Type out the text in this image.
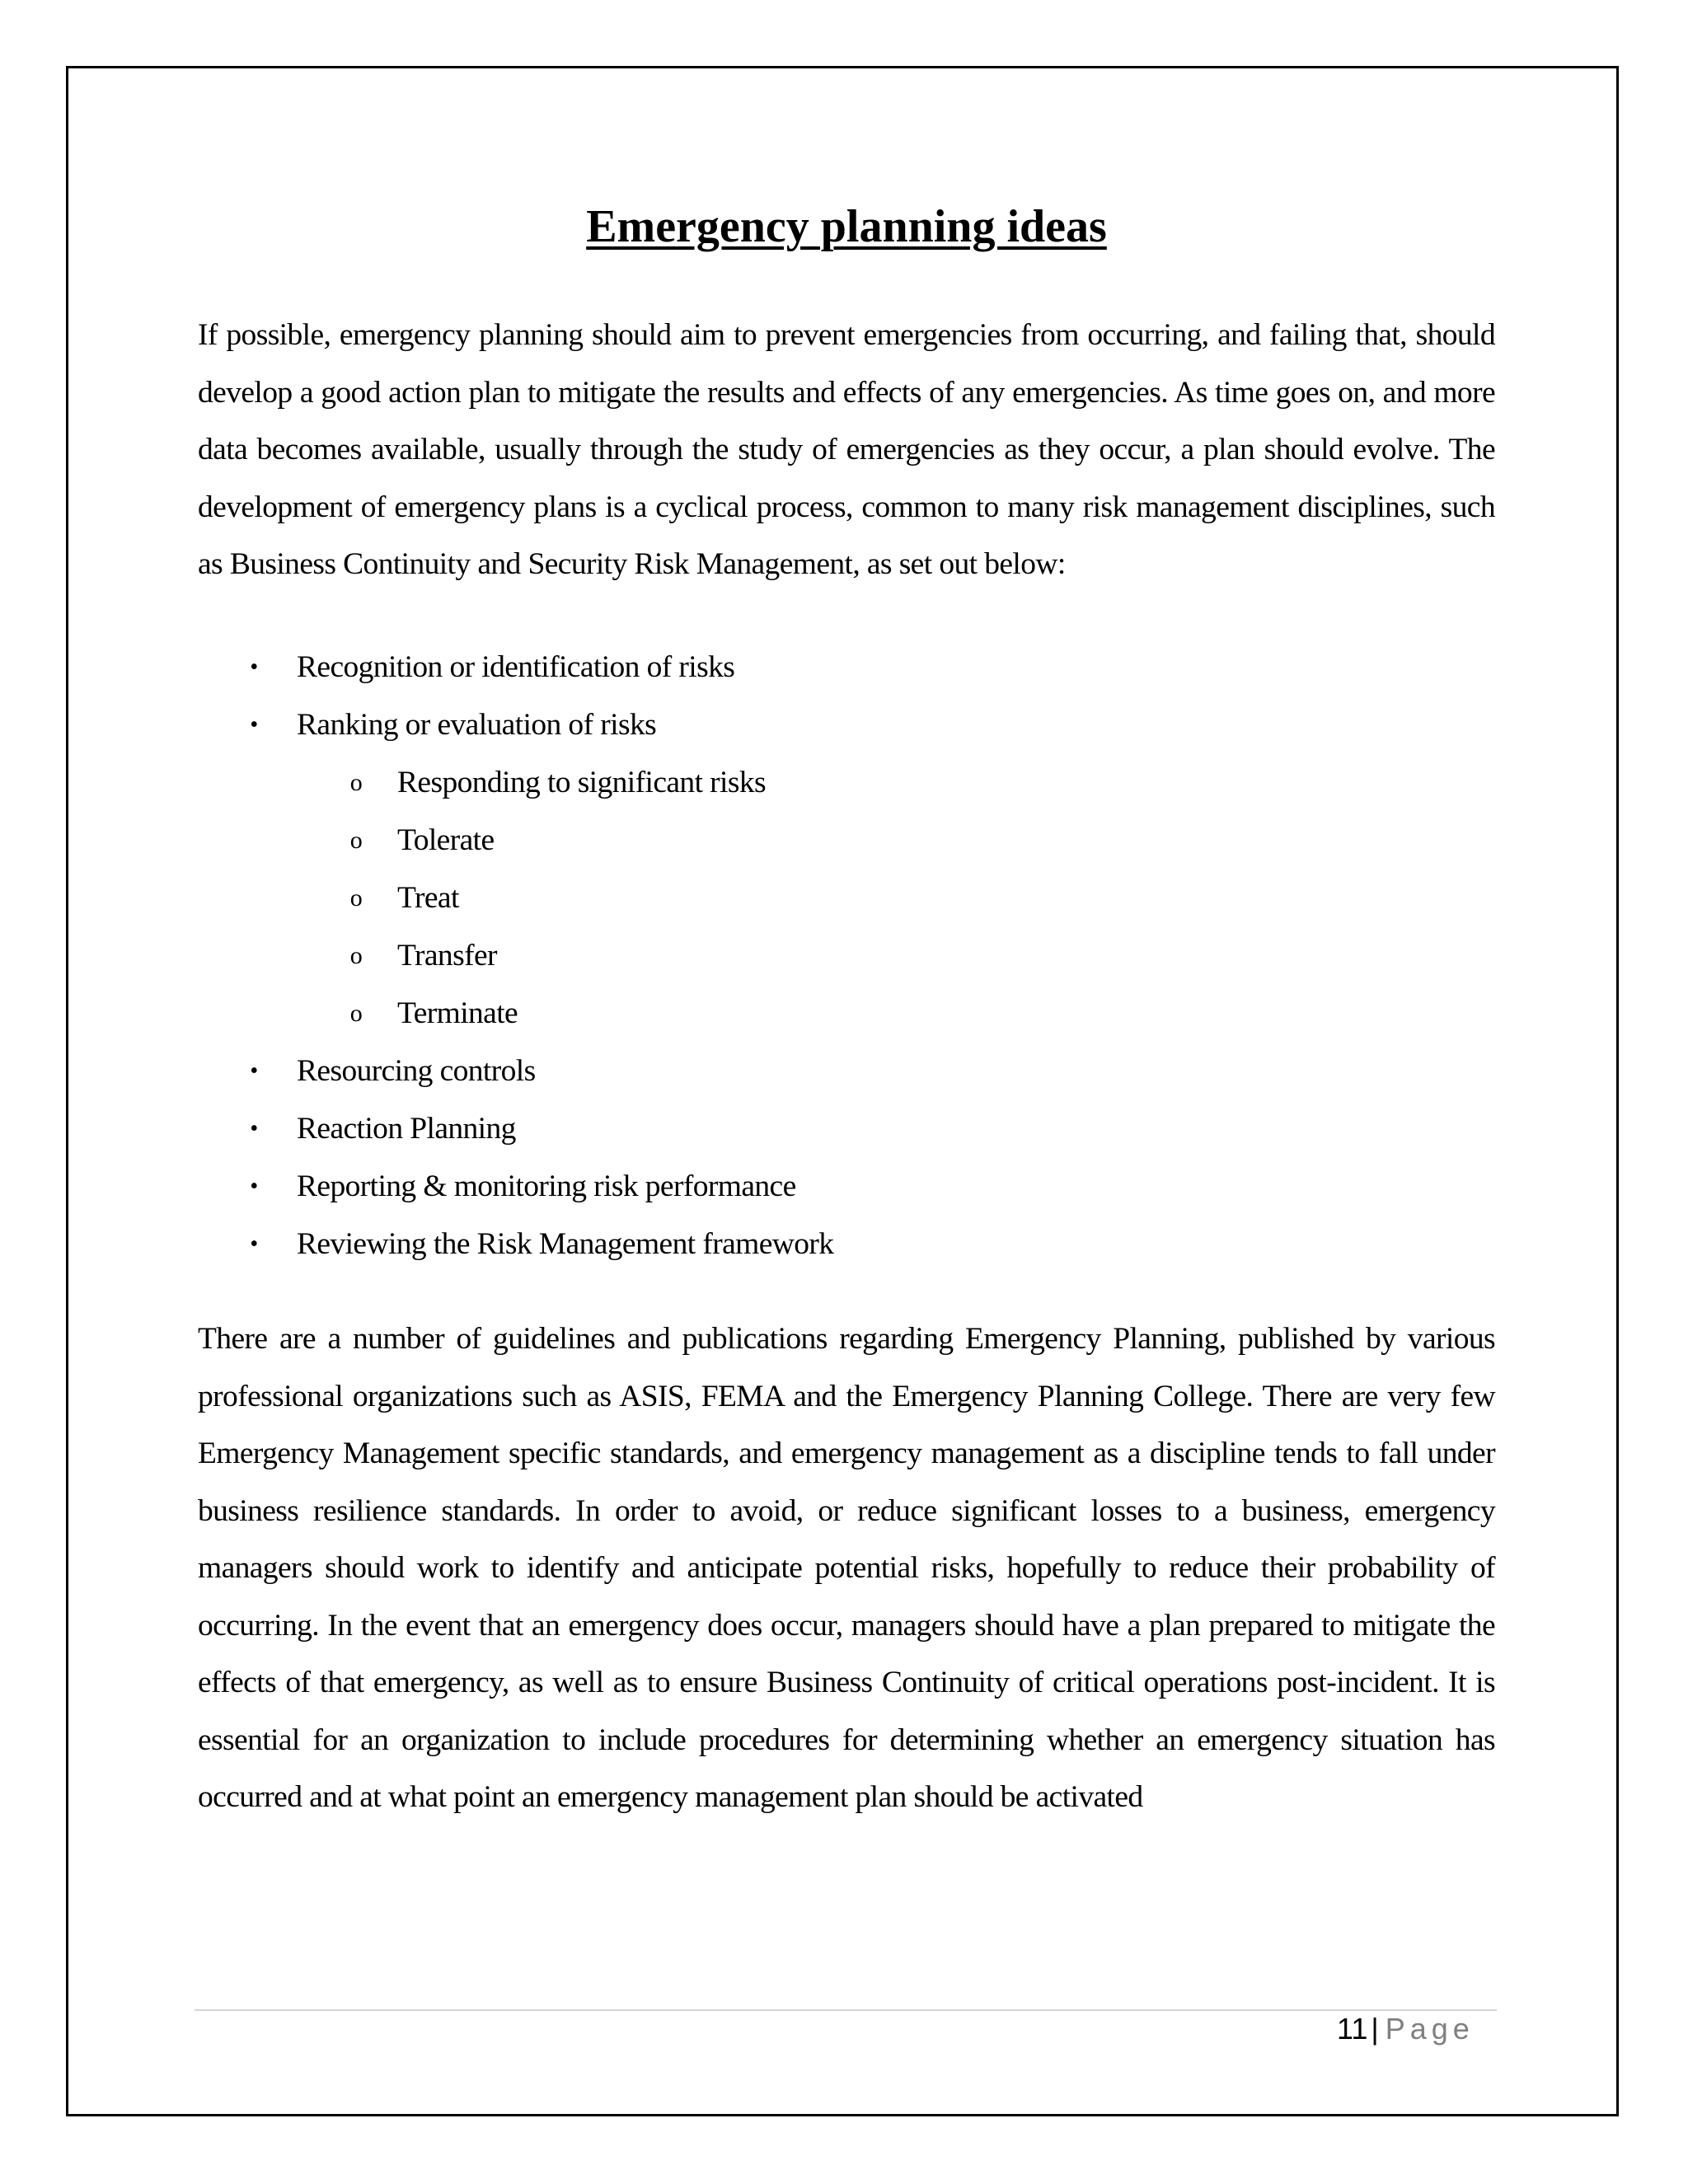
Emergency planning ideas

If possible, emergency planning should aim to prevent emergencies from occurring, and failing that, should develop a good action plan to mitigate the results and effects of any emergencies. As time goes on, and more data becomes available, usually through the study of emergencies as they occur, a plan should evolve. The development of emergency plans is a cyclical process, common to many risk management disciplines, such as Business Continuity and Security Risk Management, as set out below:

•	Recognition or identification of risks
•	Ranking or evaluation of risks
o	Responding to significant risks
o	Tolerate
o	Treat
o	Transfer
o	Terminate
•	Resourcing controls
•	Reaction Planning
•	Reporting & monitoring risk performance
•	Reviewing the Risk Management framework

There are a number of guidelines and publications regarding Emergency Planning, published by various professional organizations such as ASIS, FEMA and the Emergency Planning College. There are very few Emergency Management specific standards, and emergency management as a discipline tends to fall under business resilience standards. In order to avoid, or reduce significant losses to a business, emergency managers should work to identify and anticipate potential risks, hopefully to reduce their probability of occurring. In the event that an emergency does occur, managers should have a plan prepared to mitigate the effects of that emergency, as well as to ensure Business Continuity of critical operations post-incident. It is essential for an organization to include procedures for determining whether an emergency situation has occurred and at what point an emergency management plan should be activated

11 | Page
